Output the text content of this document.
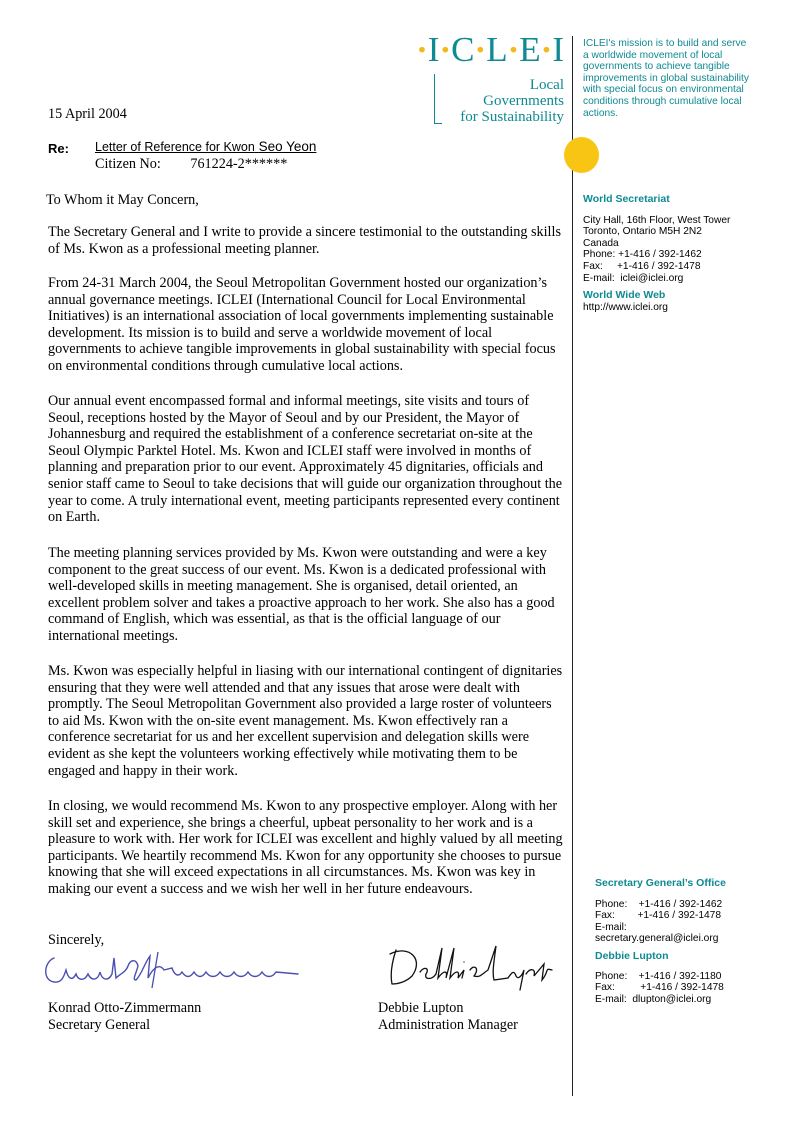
·I·C·L·E·I
Local
Governments
for Sustainability
ICLEI's mission is to build and serve a worldwide movement of local governments to achieve tangible improvements in global sustainability with special focus on environmental conditions through cumulative local actions.
World Secretariat
City Hall, 16th Floor, West Tower
Toronto, Ontario M5H 2N2
Canada
Phone: +1-416 / 392-1462
Fax:     +1-416 / 392-1478
E-mail:  iclei@iclei.org
World Wide Web
http://www.iclei.org
Secretary General’s Office
Phone:    +1-416 / 392-1462
Fax:        +1-416 / 392-1478
E-mail:
secretary.general@iclei.org
Debbie Lupton
Phone:    +1-416 / 392-1180
Fax:         +1-416 / 392-1478
E-mail:  dlupton@iclei.org
15 April 2004
Re: Letter of Reference for Kwon Seo Yeon
Citizen No: 761224-2******
To Whom it May Concern,

The Secretary General and I write to provide a sincere testimonial to the outstanding skills of Ms. Kwon as a professional meeting planner.

From 24-31 March 2004, the Seoul Metropolitan Government hosted our organization’s annual governance meetings. ICLEI (International Council for Local Environmental Initiatives) is an international association of local governments implementing sustainable development. Its mission is to build and serve a worldwide movement of local governments to achieve tangible improvements in global sustainability with special focus on environmental conditions through cumulative local actions.

Our annual event encompassed formal and informal meetings, site visits and tours of Seoul, receptions hosted by the Mayor of Seoul and by our President, the Mayor of Johannesburg and required the establishment of a conference secretariat on-site at the Seoul Olympic Parktel Hotel. Ms. Kwon and ICLEI staff were involved in months of planning and preparation prior to our event. Approximately 45 dignitaries, officials and senior staff came to Seoul to take decisions that will guide our organization throughout the year to come. A truly international event, meeting participants represented every continent on Earth.

The meeting planning services provided by Ms. Kwon were outstanding and were a key component to the great success of our event. Ms. Kwon is a dedicated professional with well-developed skills in meeting management. She is organised, detail oriented, an excellent problem solver and takes a proactive approach to her work. She also has a good command of English, which was essential, as that is the official language of our international meetings.

Ms. Kwon was especially helpful in liasing with our international contingent of dignitaries ensuring that they were well attended and that any issues that arose were dealt with promptly. The Seoul Metropolitan Government also provided a large roster of volunteers to aid Ms. Kwon with the on-site event management. Ms. Kwon effectively ran a conference secretariat for us and her excellent supervision and delegation skills were evident as she kept the volunteers working effectively while motivating them to be engaged and happy in their work.

In closing, we would recommend Ms. Kwon to any prospective employer. Along with her skill set and experience, she brings a cheerful, upbeat personality to her work and is a pleasure to work with. Her work for ICLEI was excellent and highly valued by all meeting participants. We heartily recommend Ms. Kwon for any opportunity she chooses to pursue knowing that she will exceed expectations in all circumstances. Ms. Kwon was key in making our event a success and we wish her well in her future endeavours.

Sincerely,
Konrad Otto-Zimmermann
Secretary General
Debbie Lupton
Administration Manager
